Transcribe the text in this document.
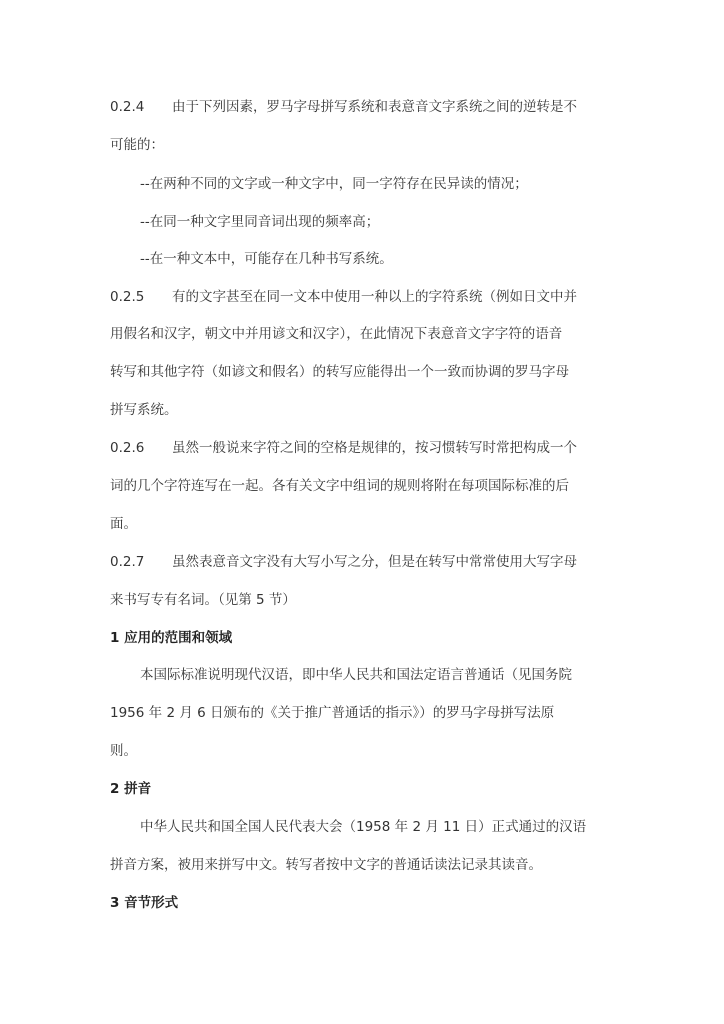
0.2.4 由于下列因素，罗马字母拼写系统和表意音文字系统之间的逆转是不
可能的：
--在两种不同的文字或一种文字中，同一字符存在民异读的情况；
--在同一种文字里同音词出现的频率高；
--在一种文本中，可能存在几种书写系统。
0.2.5 有的文字甚至在同一文本中使用一种以上的字符系统（例如日文中并
用假名和汉字，朝文中并用谚文和汉字），在此情况下表意音文字字符的语音
转写和其他字符（如谚文和假名）的转写应能得出一个一致而协调的罗马字母
拼写系统。
0.2.6 虽然一般说来字符之间的空格是规律的，按习惯转写时常把构成一个
词的几个字符连写在一起。各有关文字中组词的规则将附在每项国际标准的后
面。
0.2.7 虽然表意音文字没有大写小写之分，但是在转写中常常使用大写字母
来书写专有名词。（见第 5 节）
1 应用的范围和领域
本国际标准说明现代汉语，即中华人民共和国法定语言普通话（见国务院
1956 年 2 月 6 日颁布的《关于推广普通话的指示》）的罗马字母拼写法原
则。
2 拼音
中华人民共和国全国人民代表大会（1958 年 2 月 11 日）正式通过的汉语
拼音方案，被用来拼写中文。转写者按中文字的普通话读法记录其读音。
3 音节形式
